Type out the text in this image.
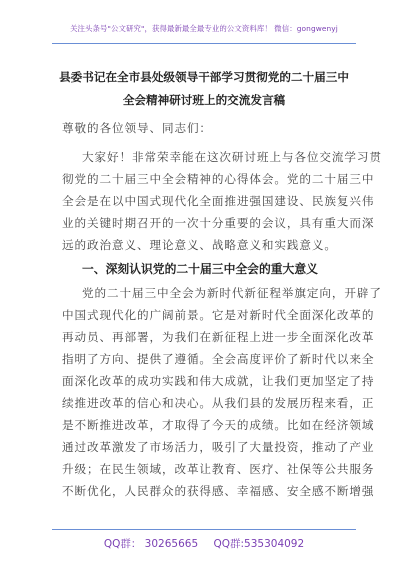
关注头条号"公文研究"，获得最新最全最专业的公文资料库！ 微信：gongwenyj
县委书记在全市县处级领导干部学习贯彻党的二十届三中
全会精神研讨班上的交流发言稿
尊敬的各位领导、同志们：
大家好！非常荣幸能在这次研讨班上与各位交流学习贯
彻党的二十届三中全会精神的心得体会。党的二十届三中
全会是在以中国式现代化全面推进强国建设、民族复兴伟
业的关键时期召开的一次十分重要的会议，具有重大而深
远的政治意义、理论意义、战略意义和实践意义。
一、深刻认识党的二十届三中全会的重大意义
党的二十届三中全会为新时代新征程举旗定向，开辟了
中国式现代化的广阔前景。它是对新时代全面深化改革的
再动员、再部署，为我们在新征程上进一步全面深化改革
指明了方向、提供了遵循。全会高度评价了新时代以来全
面深化改革的成功实践和伟大成就，让我们更加坚定了持
续推进改革的信心和决心。从我们县的发展历程来看，正
是不断推进改革，才取得了今天的成绩。比如在经济领域
通过改革激发了市场活力，吸引了大量投资，推动了产业
升级；在民生领域，改革让教育、医疗、社保等公共服务
不断优化，人民群众的获得感、幸福感、安全感不断增强
QQ群： 30265665 QQ群:535304092
